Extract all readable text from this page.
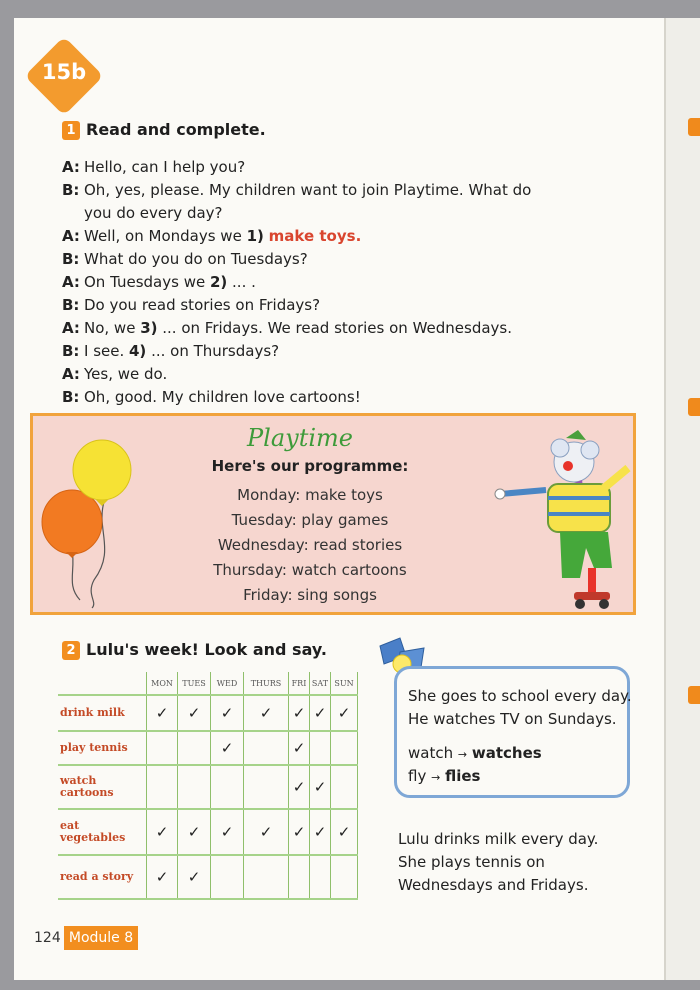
15b
1 Read and complete.
A: Hello, can I help you?
B: Oh, yes, please. My children want to join Playtime. What do
you do every day?
A: Well, on Mondays we 1) make toys.
B: What do you do on Tuesdays?
A: On Tuesdays we 2) ... .
B: Do you read stories on Fridays?
A: No, we 3) ... on Fridays. We read stories on Wednesdays.
B: I see. 4) ... on Thursdays?
A: Yes, we do.
B: Oh, good. My children love cartoons!
Playtime
Here's our programme:
Monday: make toys
Tuesday: play games
Wednesday: read stories
Thursday: watch cartoons
Friday: sing songs
2 Lulu's week! Look and say.
	MON	TUES	WED	THURS	FRI	SAT	SUN
drink milk	✓	✓	✓	✓	✓	✓	✓
play tennis			✓		✓		
watch cartoons					✓	✓	
eat vegetables	✓	✓	✓	✓	✓	✓	✓
read a story	✓	✓					
She goes to school every day.
He watches TV on Sundays.
watch → watches
fly → flies
Lulu drinks milk every day.
She plays tennis on
Wednesdays and Fridays.
124 Module 8
